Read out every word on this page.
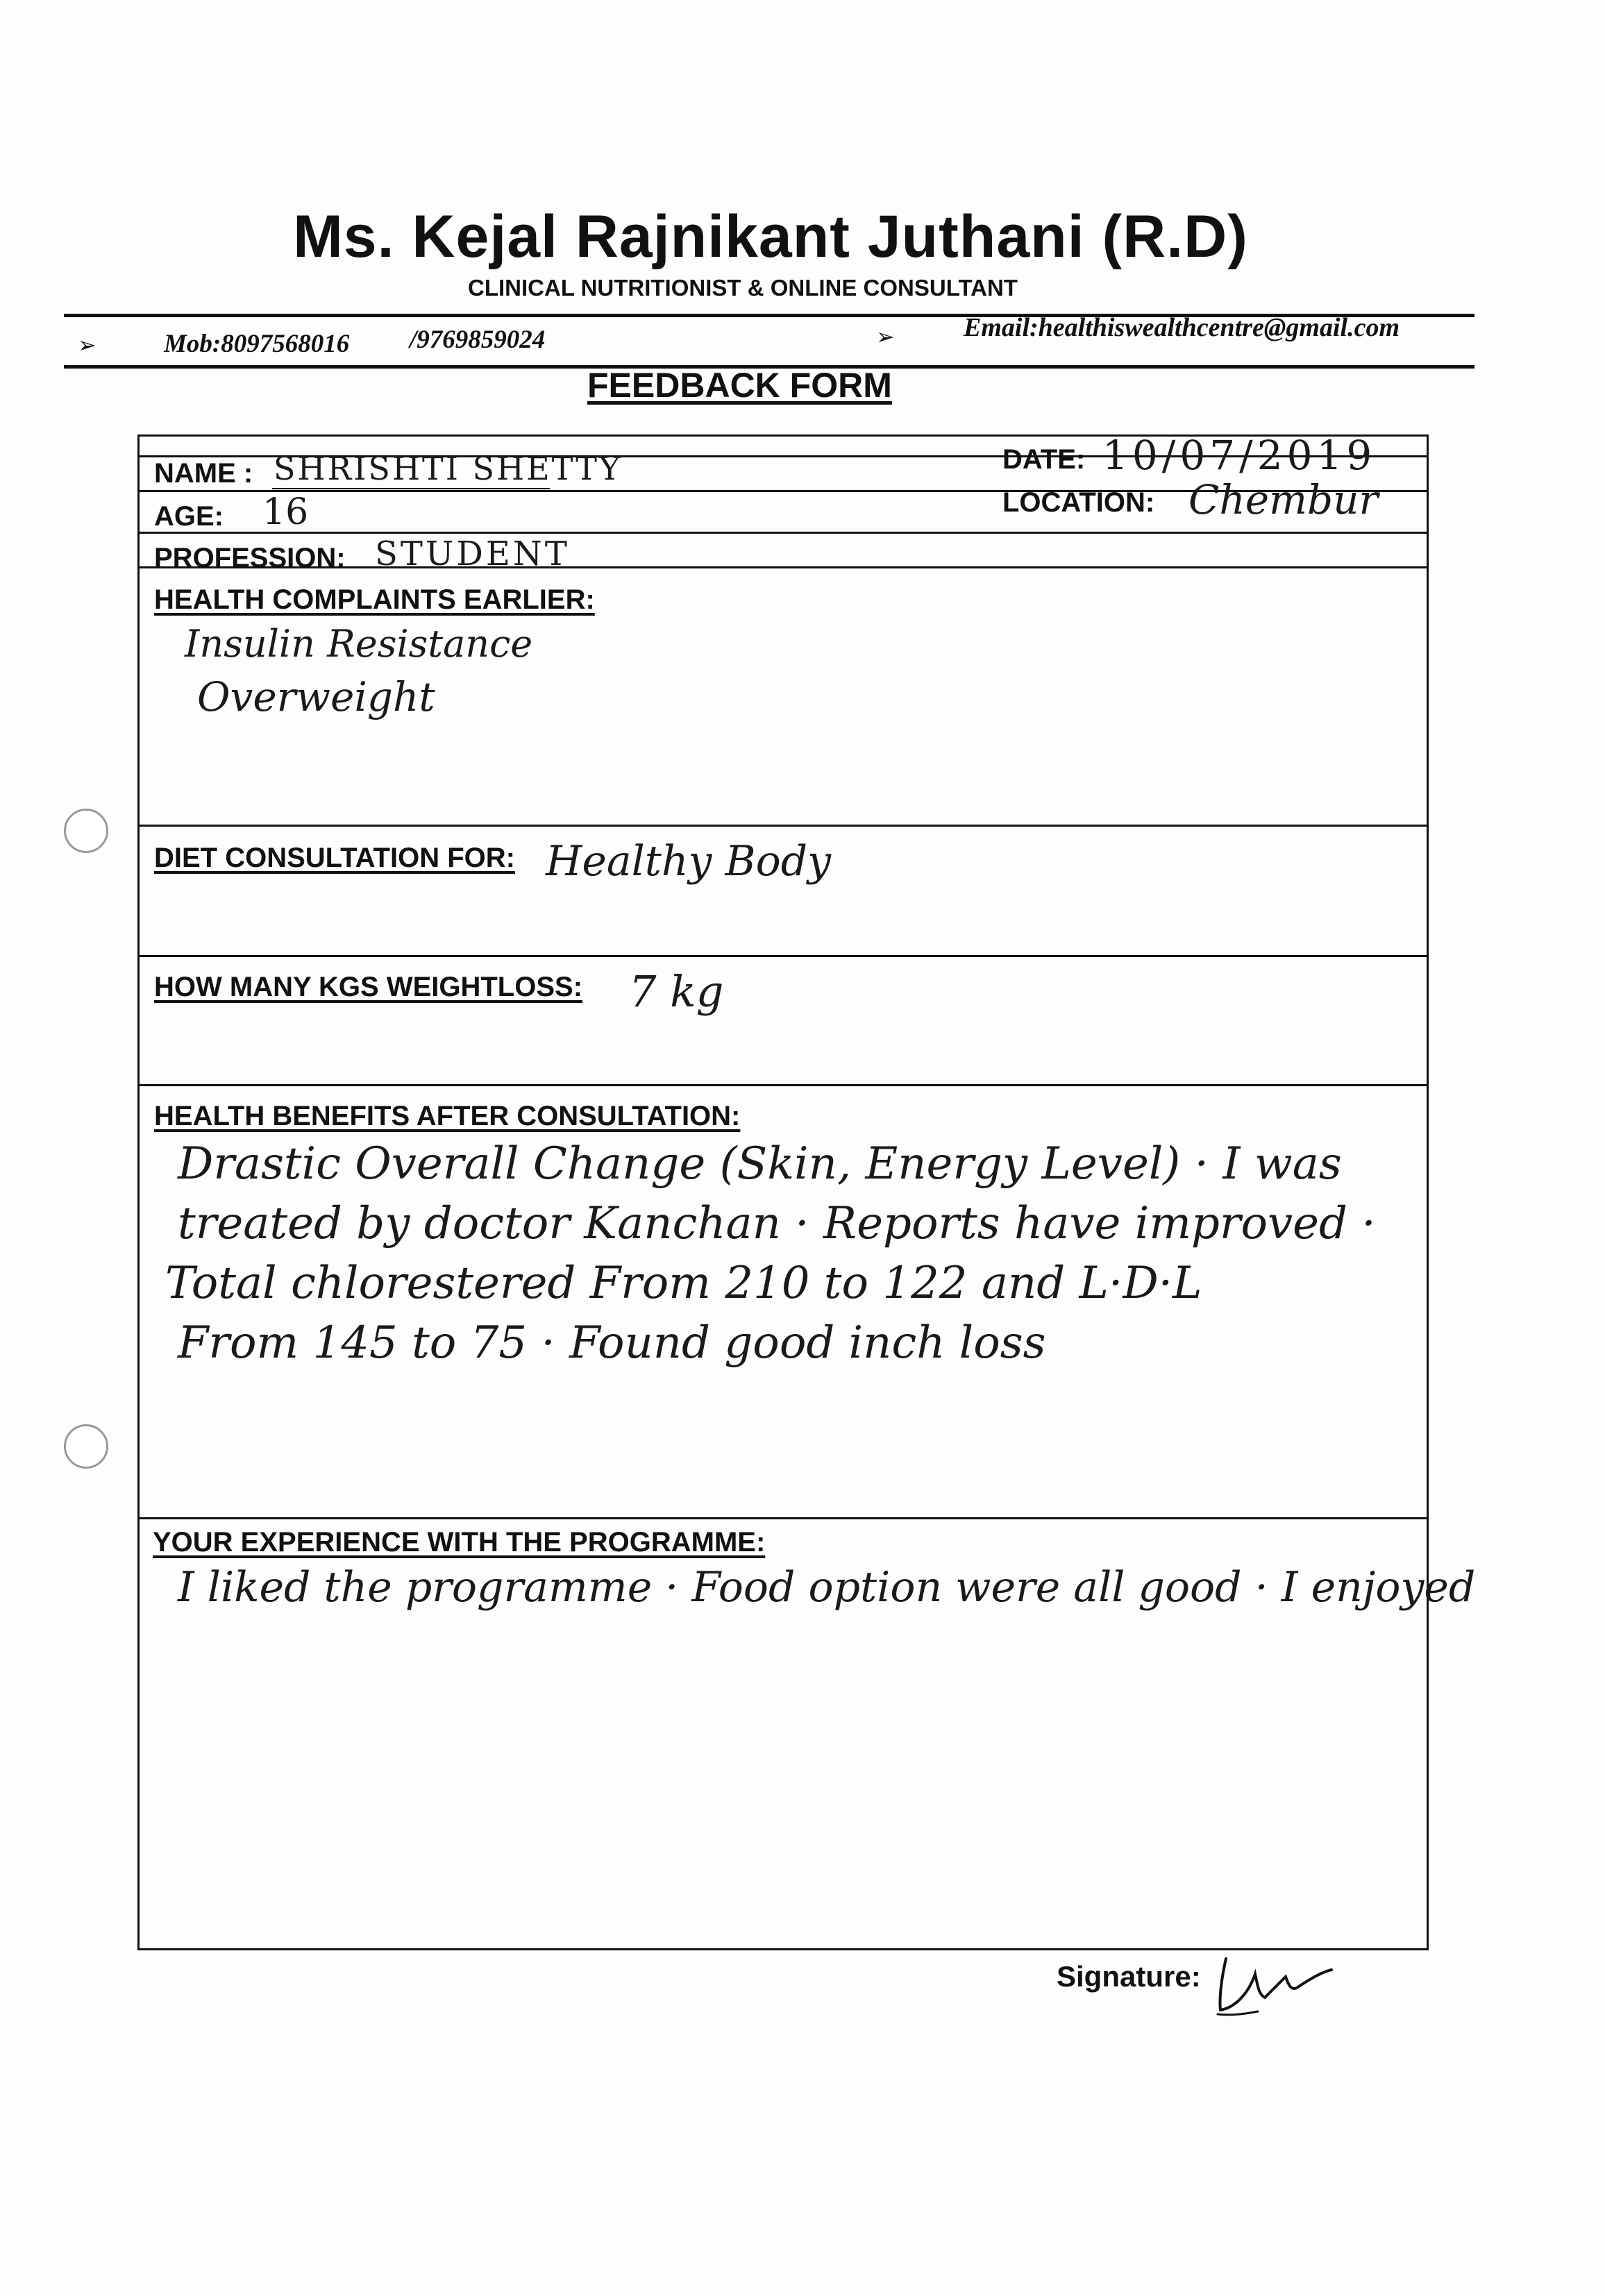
Ms. Kejal Rajnikant Juthani (R.D)
CLINICAL NUTRITIONIST & ONLINE CONSULTANT
➢	Mob:8097568016 /9769859024	➢	Email:healthiswealthcentre@gmail.com
FEEDBACK FORM
NAME : SHRISHTI SHETTY	DATE: 10/07/2019
AGE: 16	LOCATION: Chembur
PROFESSION: STUDENT
HEALTH COMPLAINTS EARLIER:
Insulin Resistance
Overweight
DIET CONSULTATION FOR: Healthy Body
HOW MANY KGS WEIGHTLOSS: 7 kg
HEALTH BENEFITS AFTER CONSULTATION:
Drastic Overall Change (Skin, Energy Level) · I was
treated by doctor Kanchan · Reports have improved ·
Total chlorestered From 210 to 122 and L·D·L
From 145 to 75 · Found good inch loss
YOUR EXPERIENCE WITH THE PROGRAMME:
I liked the programme · Food option were all good · I enjoyed
Signature:
